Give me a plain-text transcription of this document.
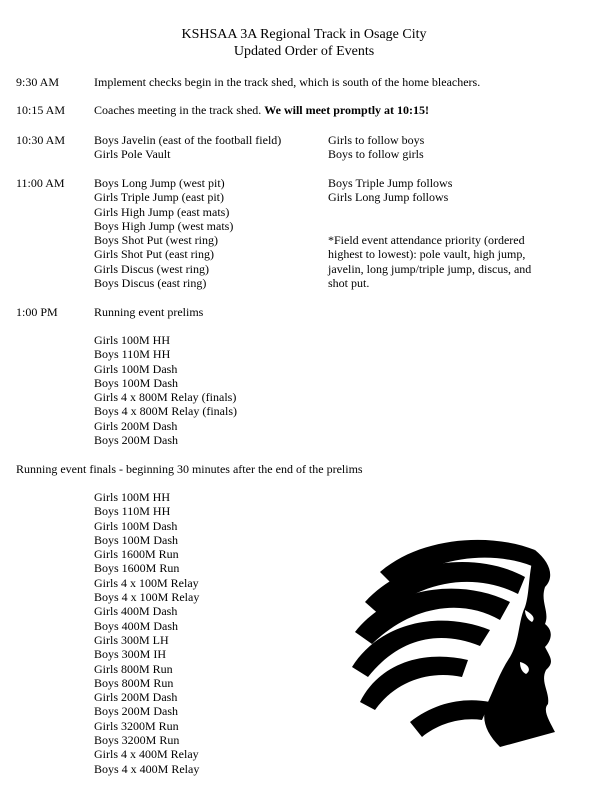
KSHSAA 3A Regional Track in Osage City
Updated Order of Events
9:30 AM	Implement checks begin in the track shed, which is south of the home bleachers.
10:15 AM Coaches meeting in the track shed. We will meet promptly at 10:15!
10:30 AM Boys Javelin (east of the football field)
Girls Pole Vault
Girls to follow boys
Boys to follow girls
11:00 AM Boys Long Jump (west pit)
Girls Triple Jump (east pit)
Girls High Jump (east mats)
Boys High Jump (west mats)
Boys Shot Put (west ring)
Girls Shot Put (east ring)
Girls Discus (west ring)
Boys Discus (east ring)
Boys Triple Jump follows
Girls Long Jump follows
*Field event attendance priority (ordered
highest to lowest): pole vault, high jump,
javelin, long jump/triple jump, discus, and
shot put.
1:00 PM	Running event prelims
Girls 100M HH
Boys 110M HH
Girls 100M Dash
Boys 100M Dash
Girls 4 x 800M Relay (finals)
Boys 4 x 800M Relay (finals)
Girls 200M Dash
Boys 200M Dash
Running event finals - beginning 30 minutes after the end of the prelims
Girls 100M HH
Boys 110M HH
Girls 100M Dash
Boys 100M Dash
Girls 1600M Run
Boys 1600M Run
Girls 4 x 100M Relay
Boys 4 x 100M Relay
Girls 400M Dash
Boys 400M Dash
Girls 300M LH
Boys 300M IH
Girls 800M Run
Boys 800M Run
Girls 200M Dash
Boys 200M Dash
Girls 3200M Run
Boys 3200M Run
Girls 4 x 400M Relay
Boys 4 x 400M Relay
